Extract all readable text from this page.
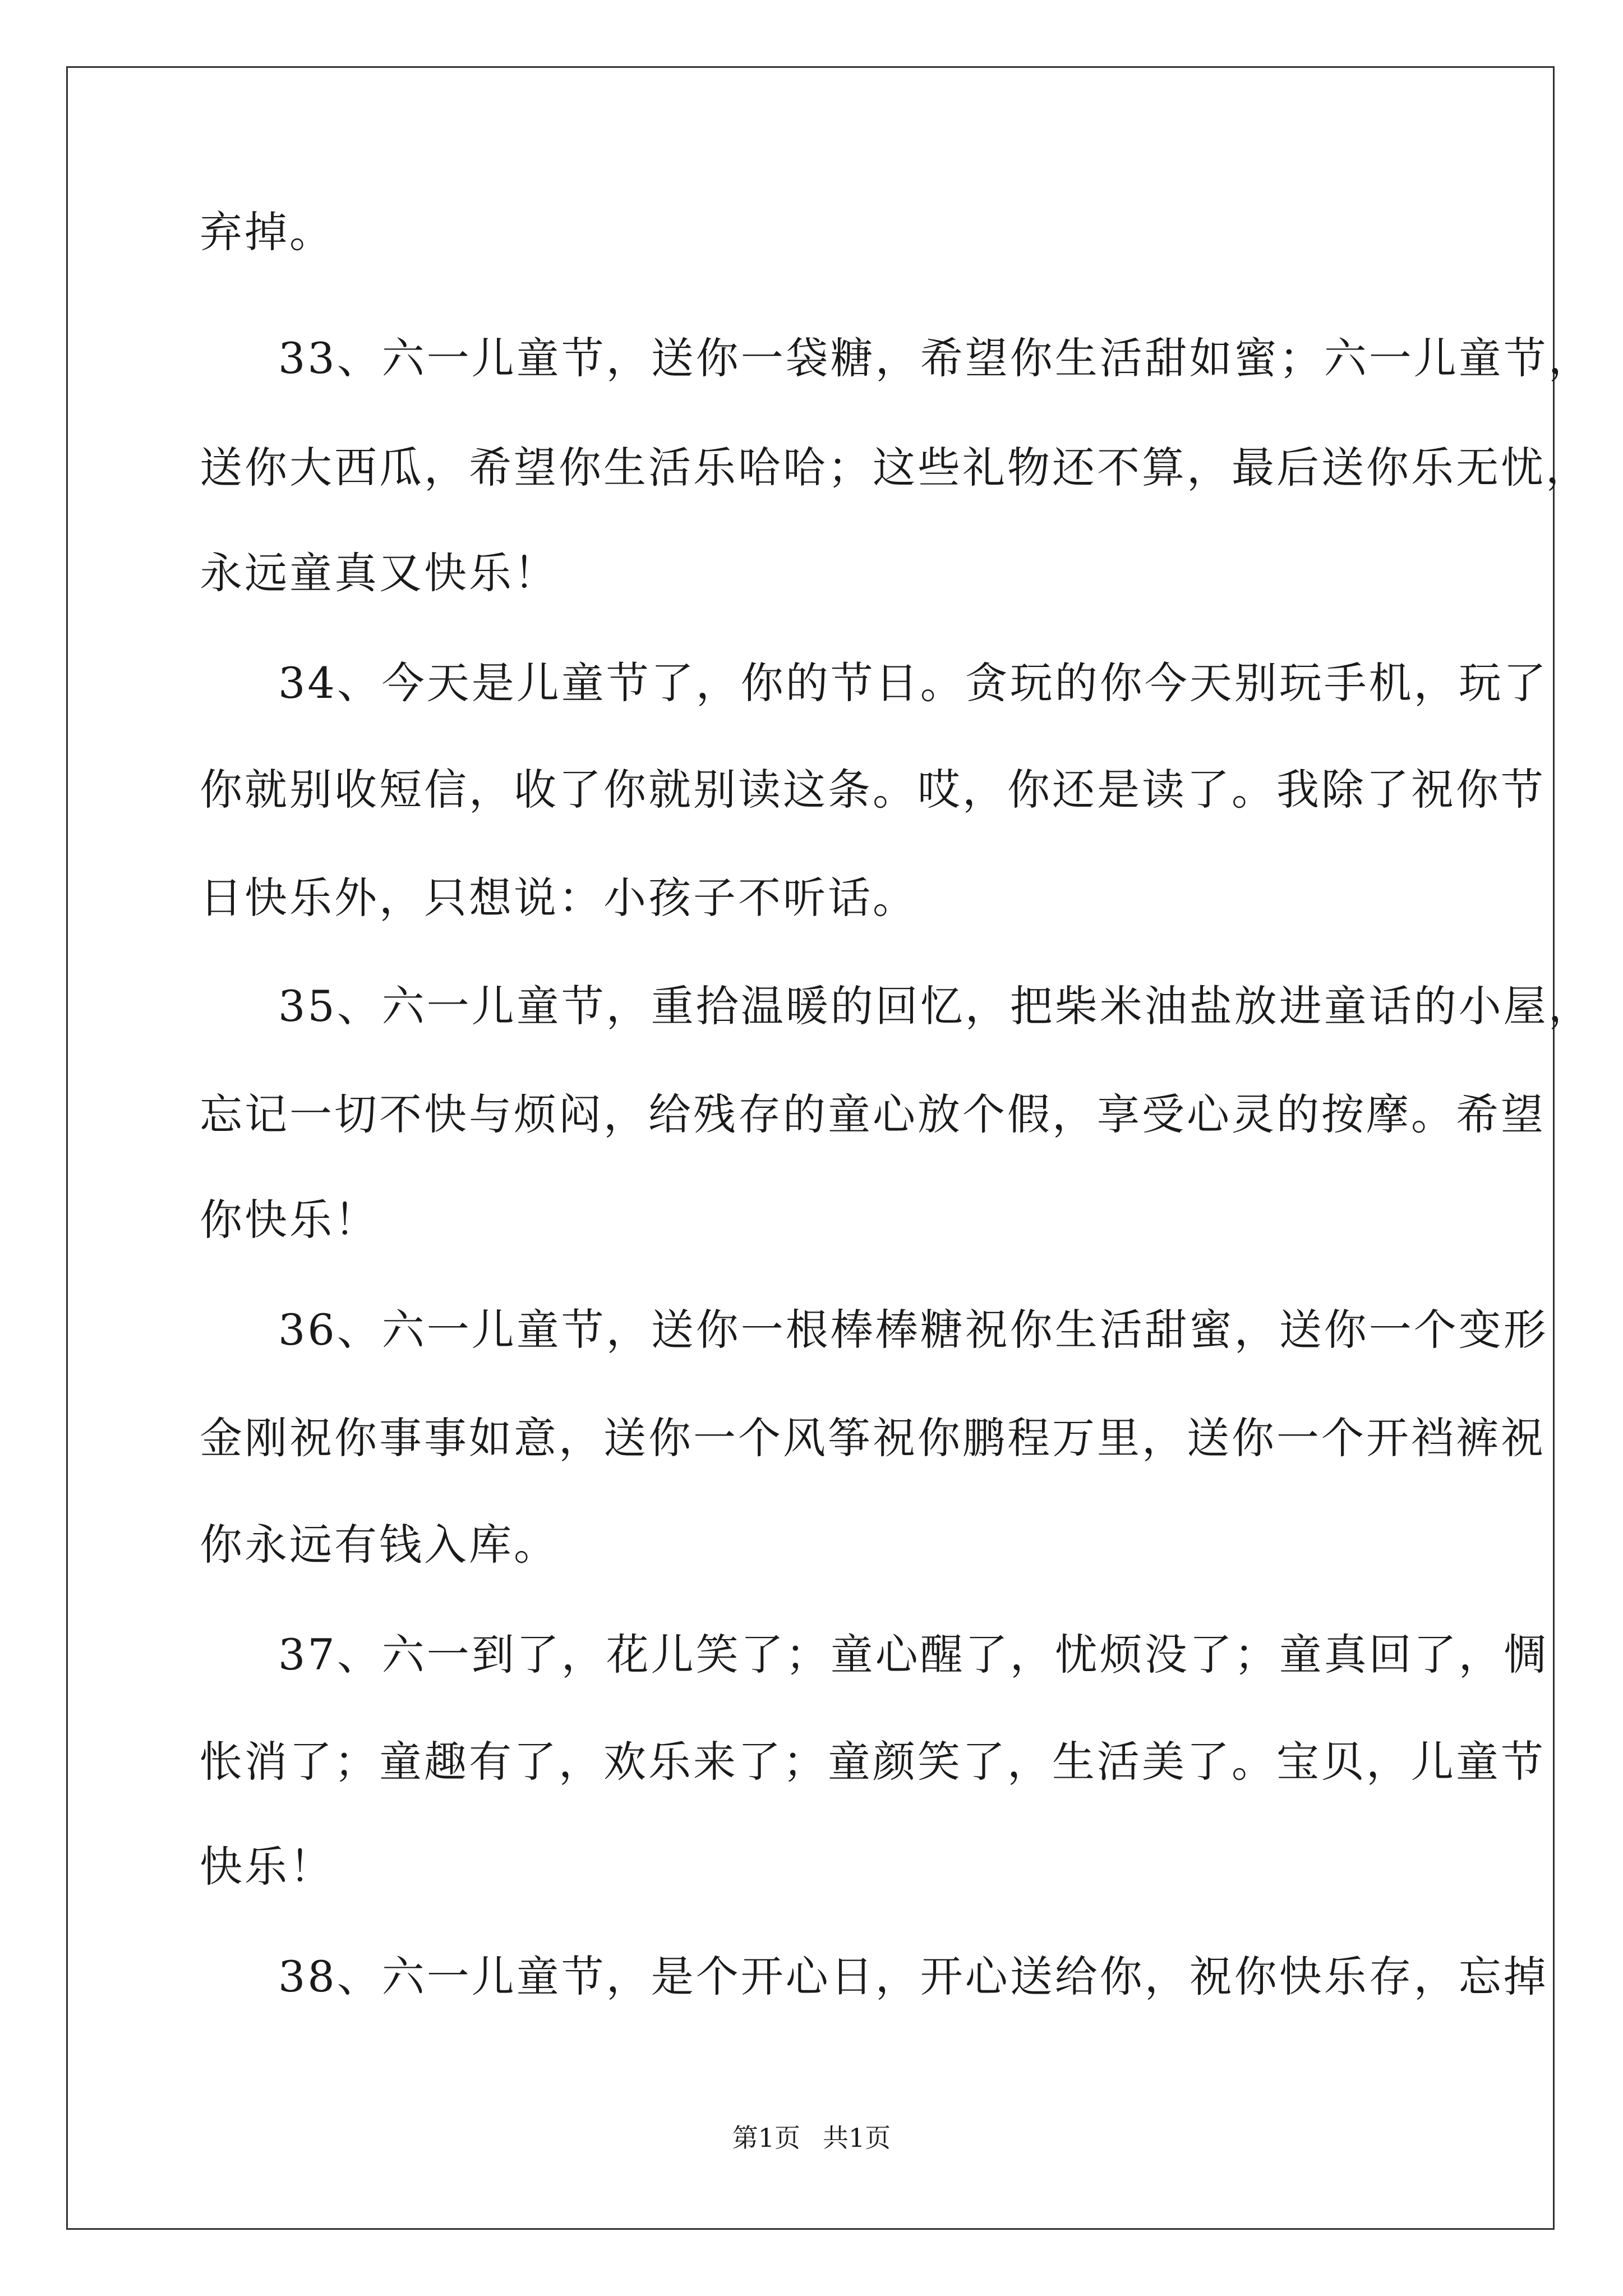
弃掉。
33、六一儿童节，送你一袋糖，希望你生活甜如蜜；六一儿童节，
送你大西瓜，希望你生活乐哈哈；这些礼物还不算，最后送你乐无忧，
永远童真又快乐！
34、今天是儿童节了，你的节日。贪玩的你今天别玩手机，玩了
你就别收短信，收了你就别读这条。哎，你还是读了。我除了祝你节
日快乐外，只想说：小孩子不听话。
35、六一儿童节，重拾温暖的回忆，把柴米油盐放进童话的小屋，
忘记一切不快与烦闷，给残存的童心放个假，享受心灵的按摩。希望
你快乐！
36、六一儿童节，送你一根棒棒糖祝你生活甜蜜，送你一个变形
金刚祝你事事如意，送你一个风筝祝你鹏程万里，送你一个开裆裤祝
你永远有钱入库。
37、六一到了，花儿笑了；童心醒了，忧烦没了；童真回了，惆
怅消了；童趣有了，欢乐来了；童颜笑了，生活美了。宝贝，儿童节
快乐！
38、六一儿童节，是个开心日，开心送给你，祝你快乐存，忘掉
第1页 共1页
